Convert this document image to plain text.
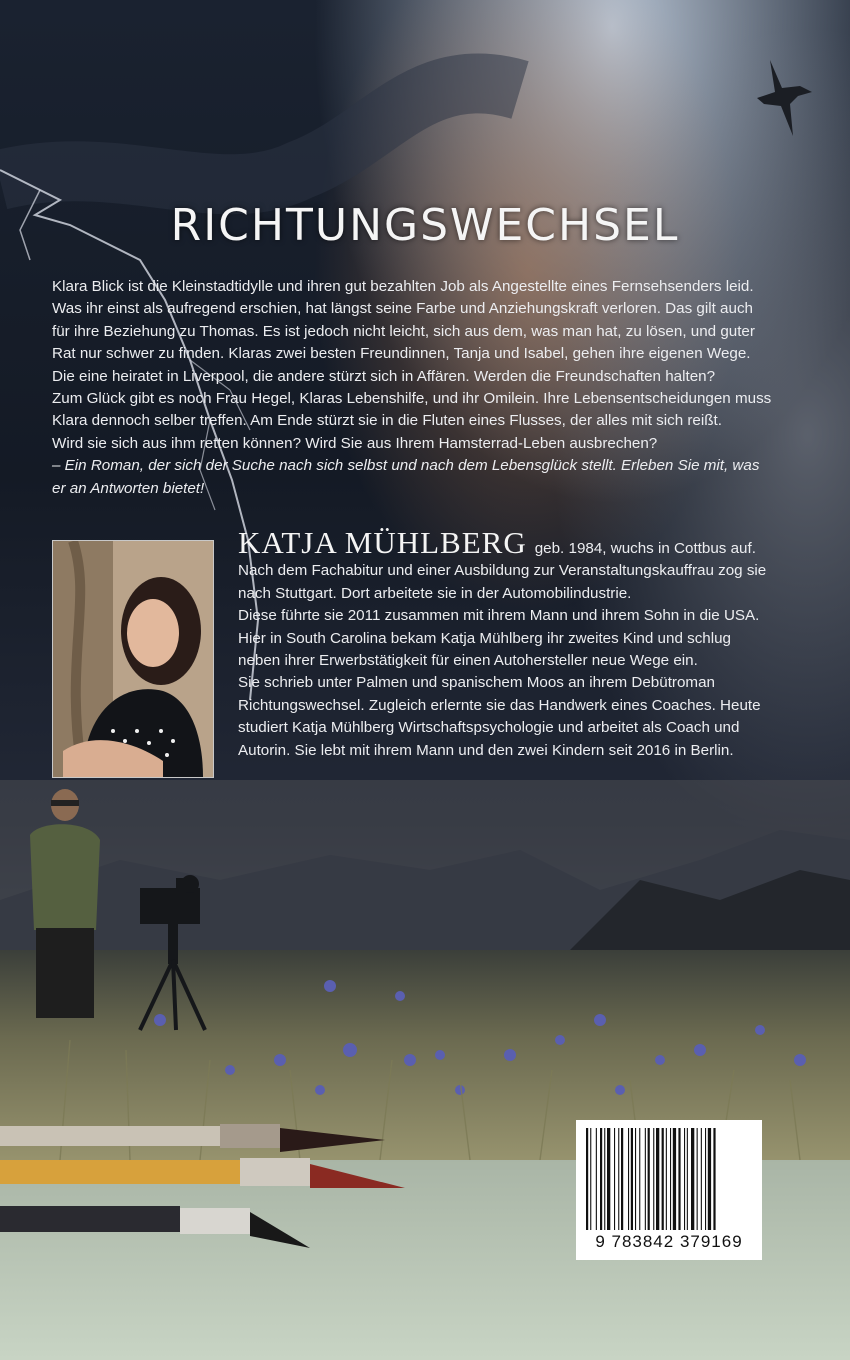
RICHTUNGSWECHSEL

Klara Blick ist die Kleinstadtidylle und ihren gut bezahlten Job als Angestellte eines Fernsehsenders leid.

Was ihr einst als aufregend erschien, hat längst seine Farbe und Anziehungskraft verloren. Das gilt auch

für ihre Beziehung zu Thomas. Es ist jedoch nicht leicht, sich aus dem, was man hat, zu lösen, und guter

Rat nur schwer zu finden. Klaras zwei besten Freundinnen, Tanja und Isabel, gehen ihre eigenen Wege.

Die eine heiratet in Liverpool, die andere stürzt sich in Affären. Werden die Freundschaften halten?

Zum Glück gibt es noch Frau Hegel, Klaras Lebenshilfe, und ihr Omilein. Ihre Lebensentscheidungen muss

Klara dennoch selber treffen. Am Ende stürzt sie in die Fluten eines Flusses, der alles mit sich reißt.

Wird sie sich aus ihm retten können? Wird Sie aus Ihrem Hamsterrad-Leben ausbrechen?

– Ein Roman, der sich der Suche nach sich selbst und nach dem Lebensglück stellt. Erleben Sie mit, was

er an Antworten bietet!

KATJA MÜHLBERG geb. 1984, wuchs in Cottbus auf.

Nach dem Fachabitur und einer Ausbildung zur Veranstaltungskauffrau zog sie

nach Stuttgart. Dort arbeitete sie in der Automobilindustrie.

Diese führte sie 2011 zusammen mit ihrem Mann und ihrem Sohn in die USA.

Hier in South Carolina bekam Katja Mühlberg ihr zweites Kind und schlug

neben ihrer Erwerbstätigkeit für einen Autohersteller neue Wege ein.

Sie schrieb unter Palmen und spanischem Moos an ihrem Debütroman

Richtungswechsel. Zugleich erlernte sie das Handwerk eines Coaches. Heute

studiert Katja Mühlberg Wirtschaftspsychologie und arbeitet als Coach und

Autorin. Sie lebt mit ihrem Mann und den zwei Kindern seit 2016 in Berlin.

9 783842 379169
